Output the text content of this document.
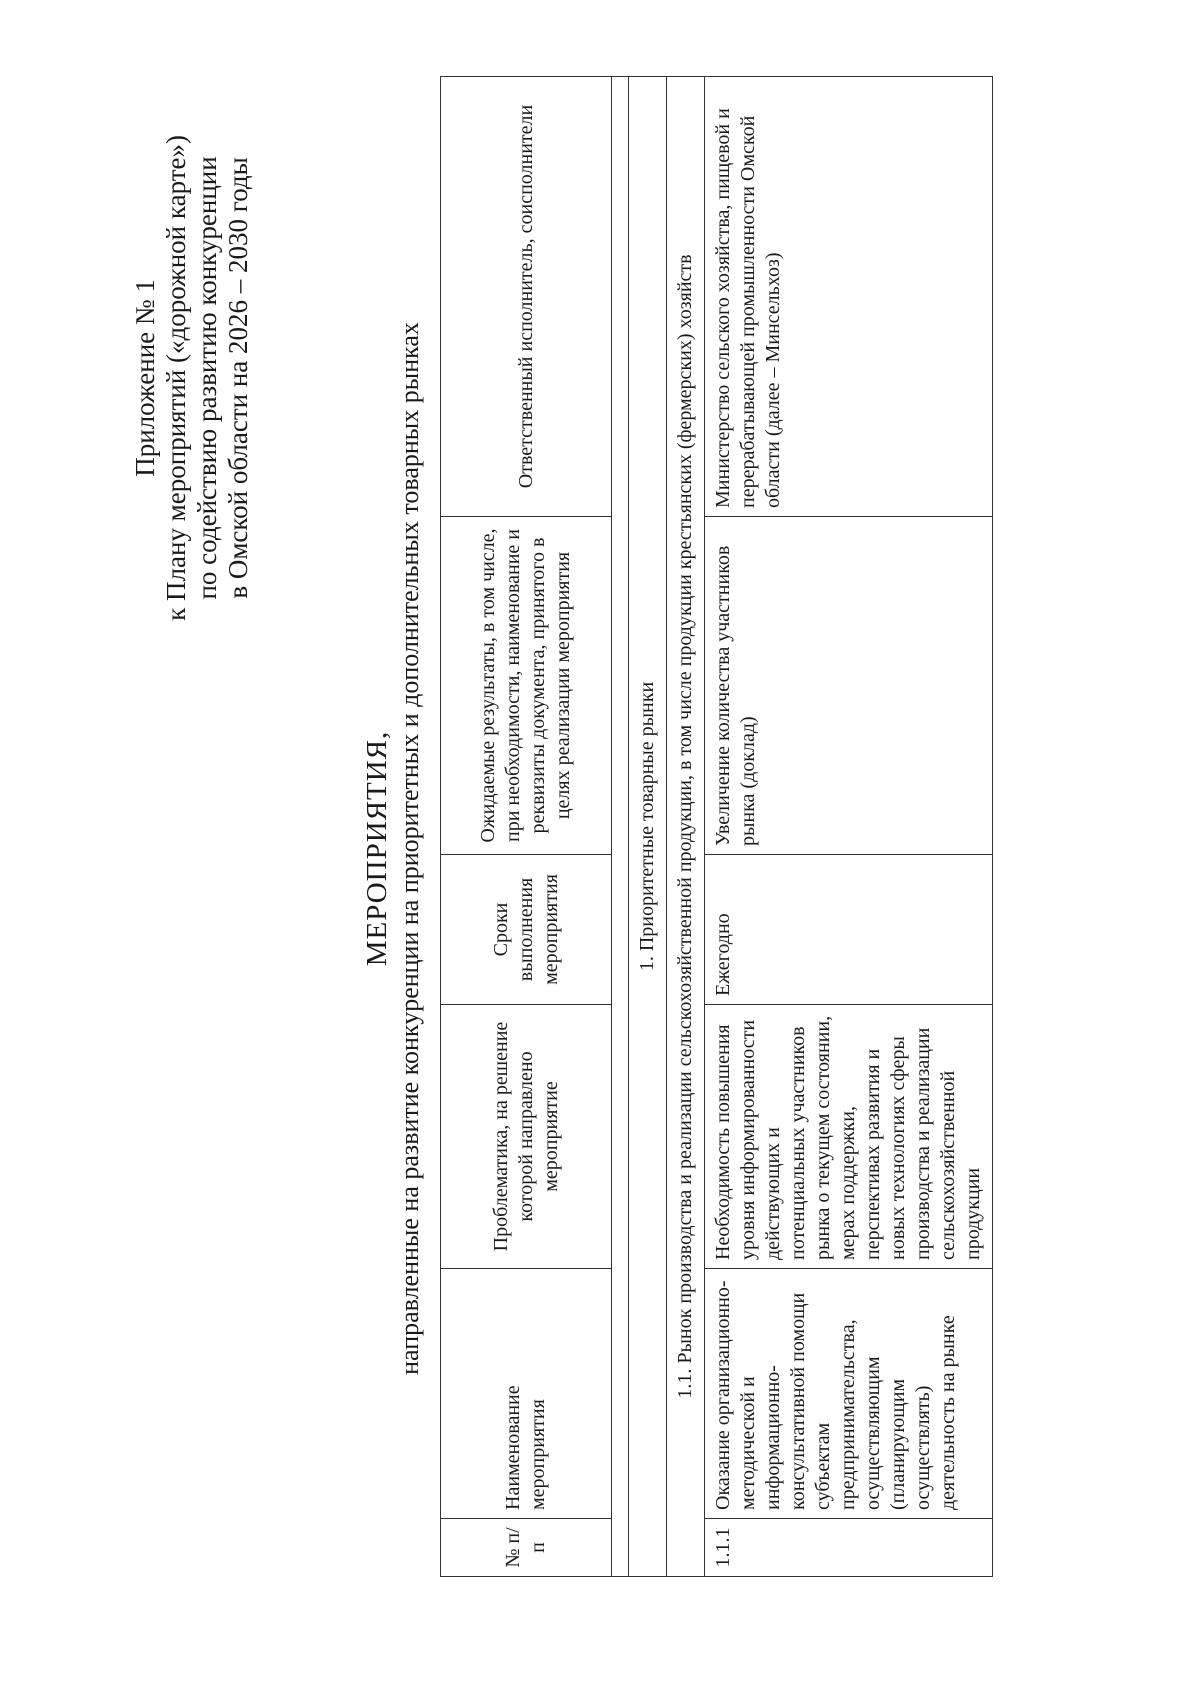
Приложение № 1 к Плану мероприятий («дорожной карте») по содействию развитию конкуренции в Омской области на 2026 – 2030 годы
МЕРОПРИЯТИЯ, направленные на развитие конкуренции на приоритетных и дополнительных товарных рынках
№ п/п	Наименование мероприятия	Проблематика, на решение которой направлено мероприятие	Сроки выполнения мероприятия	Ожидаемые результаты, в том числе, при необходимости, наименование и реквизиты документа, принятого в целях реализации мероприятия	Ответственный исполнитель, соисполнители

1. Приоритетные товарные рынки					
1.1. Рынок производства и реализации сельскохозяйственной продукции, в том числе продукции крестьянских (фермерских) хозяйств					
1.1.1	Оказание организационно-методической и информационно-консультативной помощи субъектам предпринимательства, осуществляющим (планирующим осуществлять) деятельность на рынке	Необходимость повышения уровня информированности действующих и потенциальных участников рынка о текущем состоянии, мерах поддержки, перспективах развития и новых технологиях сферы производства и реализации сельскохозяйственной продукции	Ежегодно	Увеличение количества участников рынка (доклад)	Министерство сельского хозяйства, пищевой и перерабатывающей промышленности Омской области (далее – Минсельхоз)
